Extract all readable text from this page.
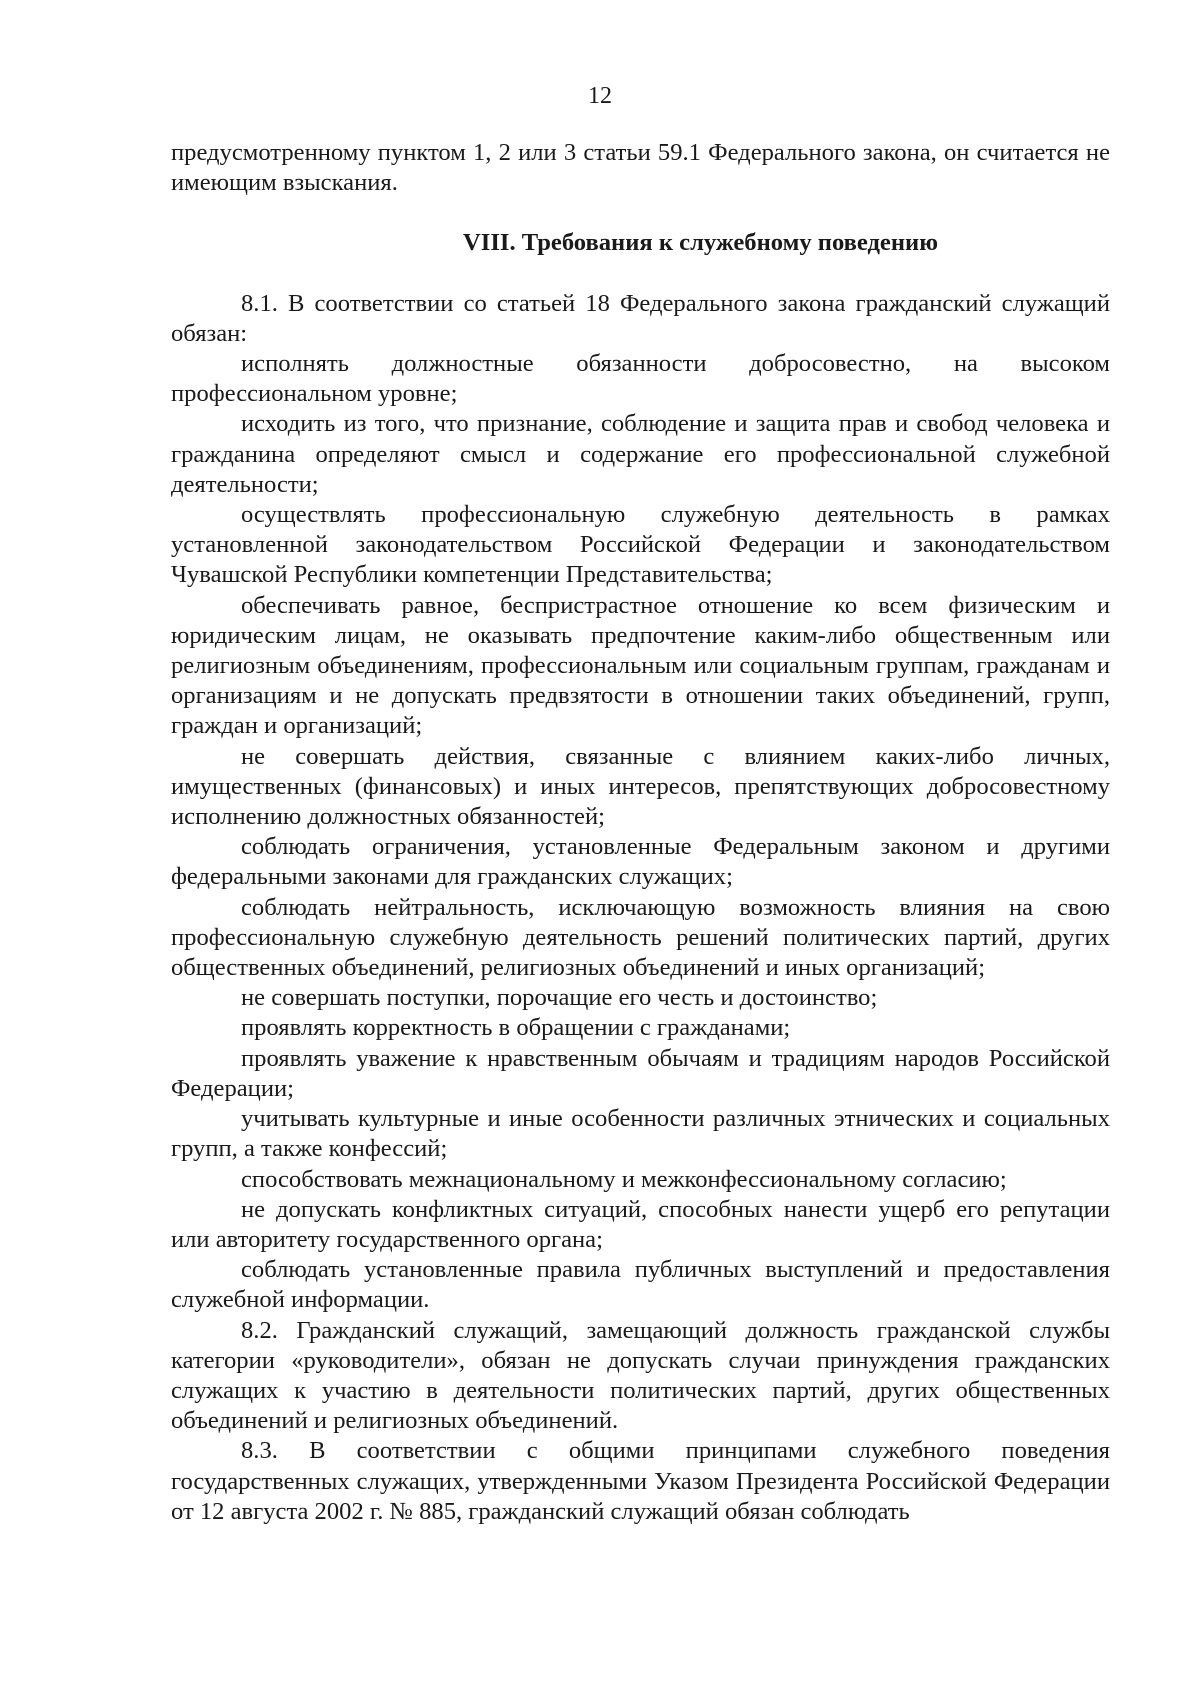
12

предусмотренному пунктом 1, 2 или 3 статьи 59.1 Федерального закона, он считается не имеющим взыскания.

VIII. Требования к служебному поведению

8.1. В соответствии со статьей 18 Федерального закона гражданский служащий обязан:

исполнять должностные обязанности добросовестно, на высоком профессиональном уровне;

исходить из того, что признание, соблюдение и защита прав и свобод человека и гражданина определяют смысл и содержание его профессиональной служебной деятельности;

осуществлять профессиональную служебную деятельность в рамках установленной законодательством Российской Федерации и законодательством Чувашской Республики компетенции Представительства;

обеспечивать равное, беспристрастное отношение ко всем физическим и юридическим лицам, не оказывать предпочтение каким-либо общественным или религиозным объединениям, профессиональным или социальным группам, гражданам и организациям и не допускать предвзятости в отношении таких объединений, групп, граждан и организаций;

не совершать действия, связанные с влиянием каких-либо личных, имущественных (финансовых) и иных интересов, препятствующих добросовестному исполнению должностных обязанностей;

соблюдать ограничения, установленные Федеральным законом и другими федеральными законами для гражданских служащих;

соблюдать нейтральность, исключающую возможность влияния на свою профессиональную служебную деятельность решений политических партий, других общественных объединений, религиозных объединений и иных организаций;

не совершать поступки, порочащие его честь и достоинство;

проявлять корректность в обращении с гражданами;

проявлять уважение к нравственным обычаям и традициям народов Российской Федерации;

учитывать культурные и иные особенности различных этнических и социальных групп, а также конфессий;

способствовать межнациональному и межконфессиональному согласию;

не допускать конфликтных ситуаций, способных нанести ущерб его репутации или авторитету государственного органа;

соблюдать установленные правила публичных выступлений и предоставления служебной информации.

8.2. Гражданский служащий, замещающий должность гражданской службы категории «руководители», обязан не допускать случаи принуждения гражданских служащих к участию в деятельности политических партий, других общественных объединений и религиозных объединений.

8.3. В соответствии с общими принципами служебного поведения государственных служащих, утвержденными Указом Президента Российской Федерации от 12 августа 2002 г. № 885, гражданский служащий обязан соблюдать
